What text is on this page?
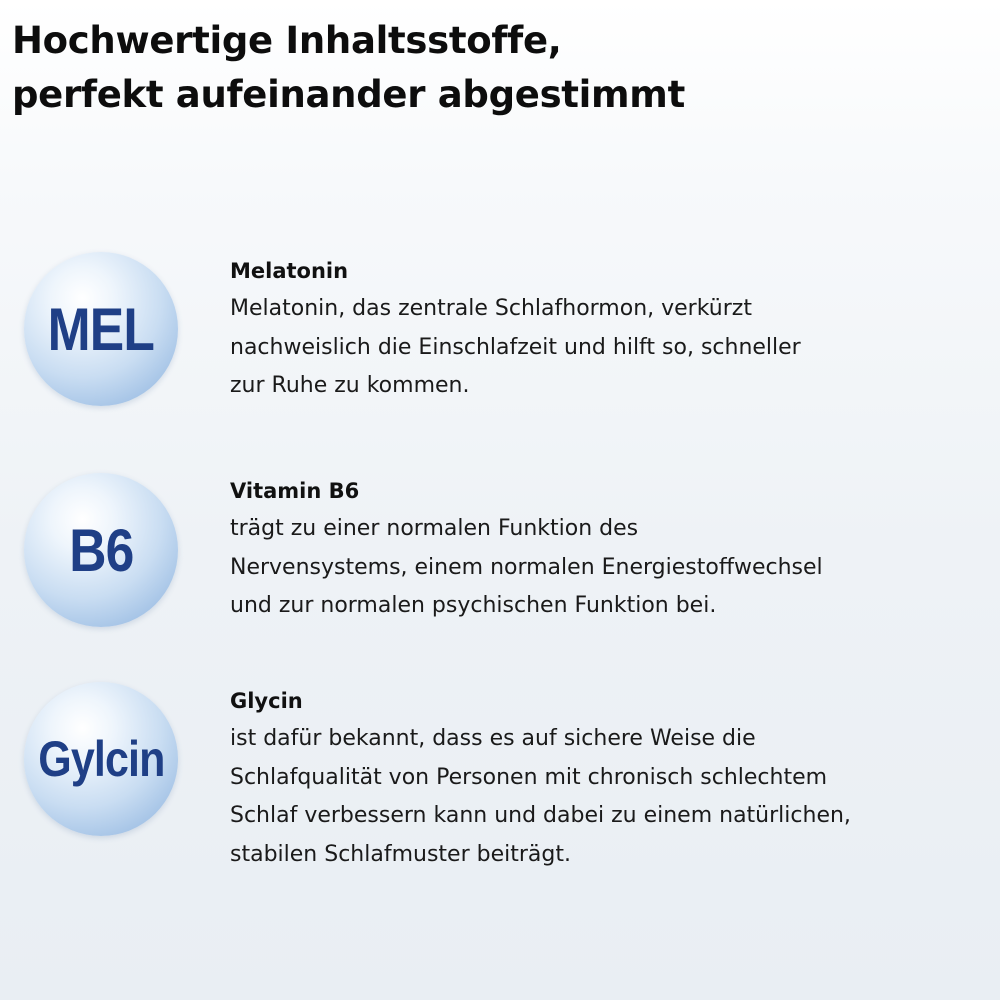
Hochwertige Inhaltsstoffe,
perfekt aufeinander abgestimmt
MEL
Melatonin
Melatonin, das zentrale Schlafhormon, verkürzt
nachweislich die Einschlafzeit und hilft so, schneller
zur Ruhe zu kommen.
B6
Vitamin B6
trägt zu einer normalen Funktion des
Nervensystems, einem normalen Energiestoffwechsel
und zur normalen psychischen Funktion bei.
Gylcin
Glycin
ist dafür bekannt, dass es auf sichere Weise die
Schlafqualität von Personen mit chronisch schlechtem
Schlaf verbessern kann und dabei zu einem natürlichen,
stabilen Schlafmuster beiträgt.
